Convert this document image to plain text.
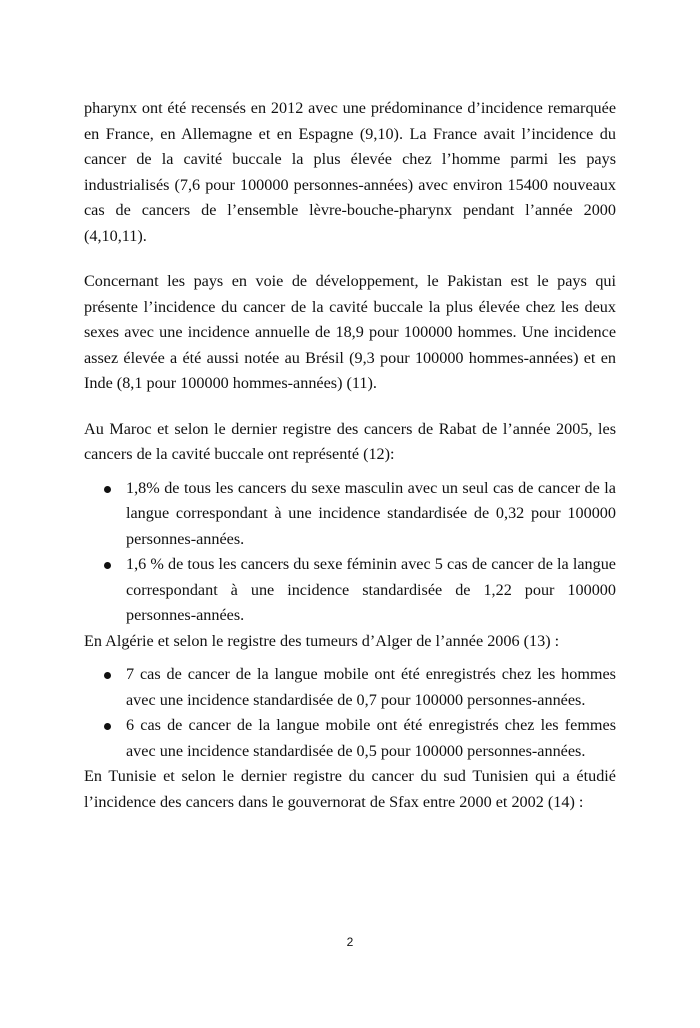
pharynx ont été recensés en 2012 avec une prédominance d’incidence remarquée en France, en Allemagne et en Espagne (9,10). La France avait l’incidence du cancer de la cavité buccale la plus élevée chez l’homme parmi les pays industrialisés (7,6 pour 100000 personnes-années) avec environ 15400 nouveaux cas de cancers de l’ensemble lèvre-bouche-pharynx pendant l’année 2000 (4,10,11).

Concernant les pays en voie de développement, le Pakistan est le pays qui présente l’incidence du cancer de la cavité buccale la plus élevée chez les deux sexes avec une incidence annuelle de 18,9 pour 100000 hommes. Une incidence assez élevée a été aussi notée au Brésil (9,3 pour 100000 hommes-années) et en Inde (8,1 pour 100000 hommes-années) (11).

Au Maroc et selon le dernier registre des cancers de Rabat de l’année 2005, les cancers de la cavité buccale ont représenté (12):

1,8% de tous les cancers du sexe masculin avec un seul cas de cancer de la langue correspondant à une incidence standardisée de 0,32 pour 100000 personnes-années.
1,6 % de tous les cancers du sexe féminin avec 5 cas de cancer de la langue correspondant à une incidence standardisée de 1,22 pour 100000 personnes-années.

En Algérie et selon le registre des tumeurs d’Alger de l’année 2006 (13) :

7 cas de cancer de la langue mobile ont été enregistrés chez les hommes avec une incidence standardisée de 0,7 pour 100000 personnes-années.
6 cas de cancer de la langue mobile ont été enregistrés chez les femmes avec une incidence standardisée de 0,5 pour 100000 personnes-années.

En Tunisie et selon le dernier registre du cancer du sud Tunisien qui a étudié l’incidence des cancers dans le gouvernorat de Sfax entre 2000 et 2002 (14) :

2
